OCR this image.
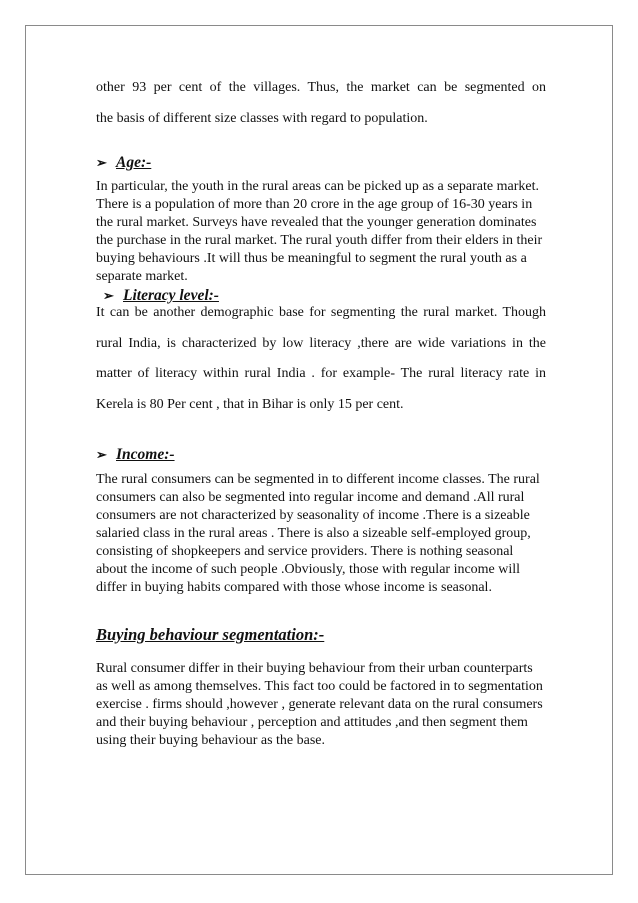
other 93 per cent of the villages. Thus, the market can be segmented on
the basis of different size classes with regard to population.

➢ Age:-

In particular, the youth in the rural areas can be picked up as a separate market. There is a population of more than 20 crore in the age group of 16-30 years in the rural market. Surveys have revealed that the younger generation dominates the purchase in the rural market. The rural youth differ from their elders in their buying behaviours .It will thus be meaningful to segment the rural youth as a separate market.

➢ Literacy level:-

It can be another demographic base for segmenting the rural market. Though rural India, is characterized by low literacy ,there are wide variations in the matter of literacy within rural India . for example- The rural literacy rate in Kerela is 80 Per cent , that in Bihar is only 15 per cent.

➢ Income:-

The rural consumers can be segmented in to different income classes. The rural consumers can also be segmented into regular income and demand .All rural consumers are not characterized by seasonality of income .There is a sizeable salaried class in the rural areas . There is also a sizeable self-employed group, consisting of shopkeepers and service providers. There is nothing seasonal about the income of such people .Obviously, those with regular income will differ in buying habits compared with those whose income is seasonal.

Buying behaviour segmentation:-

Rural consumer differ in their buying behaviour from their urban counterparts as well as among themselves. This fact too could be factored in to segmentation exercise . firms should ,however , generate relevant data on the rural consumers and their buying behaviour , perception and attitudes ,and then segment them using their buying behaviour as the base.
